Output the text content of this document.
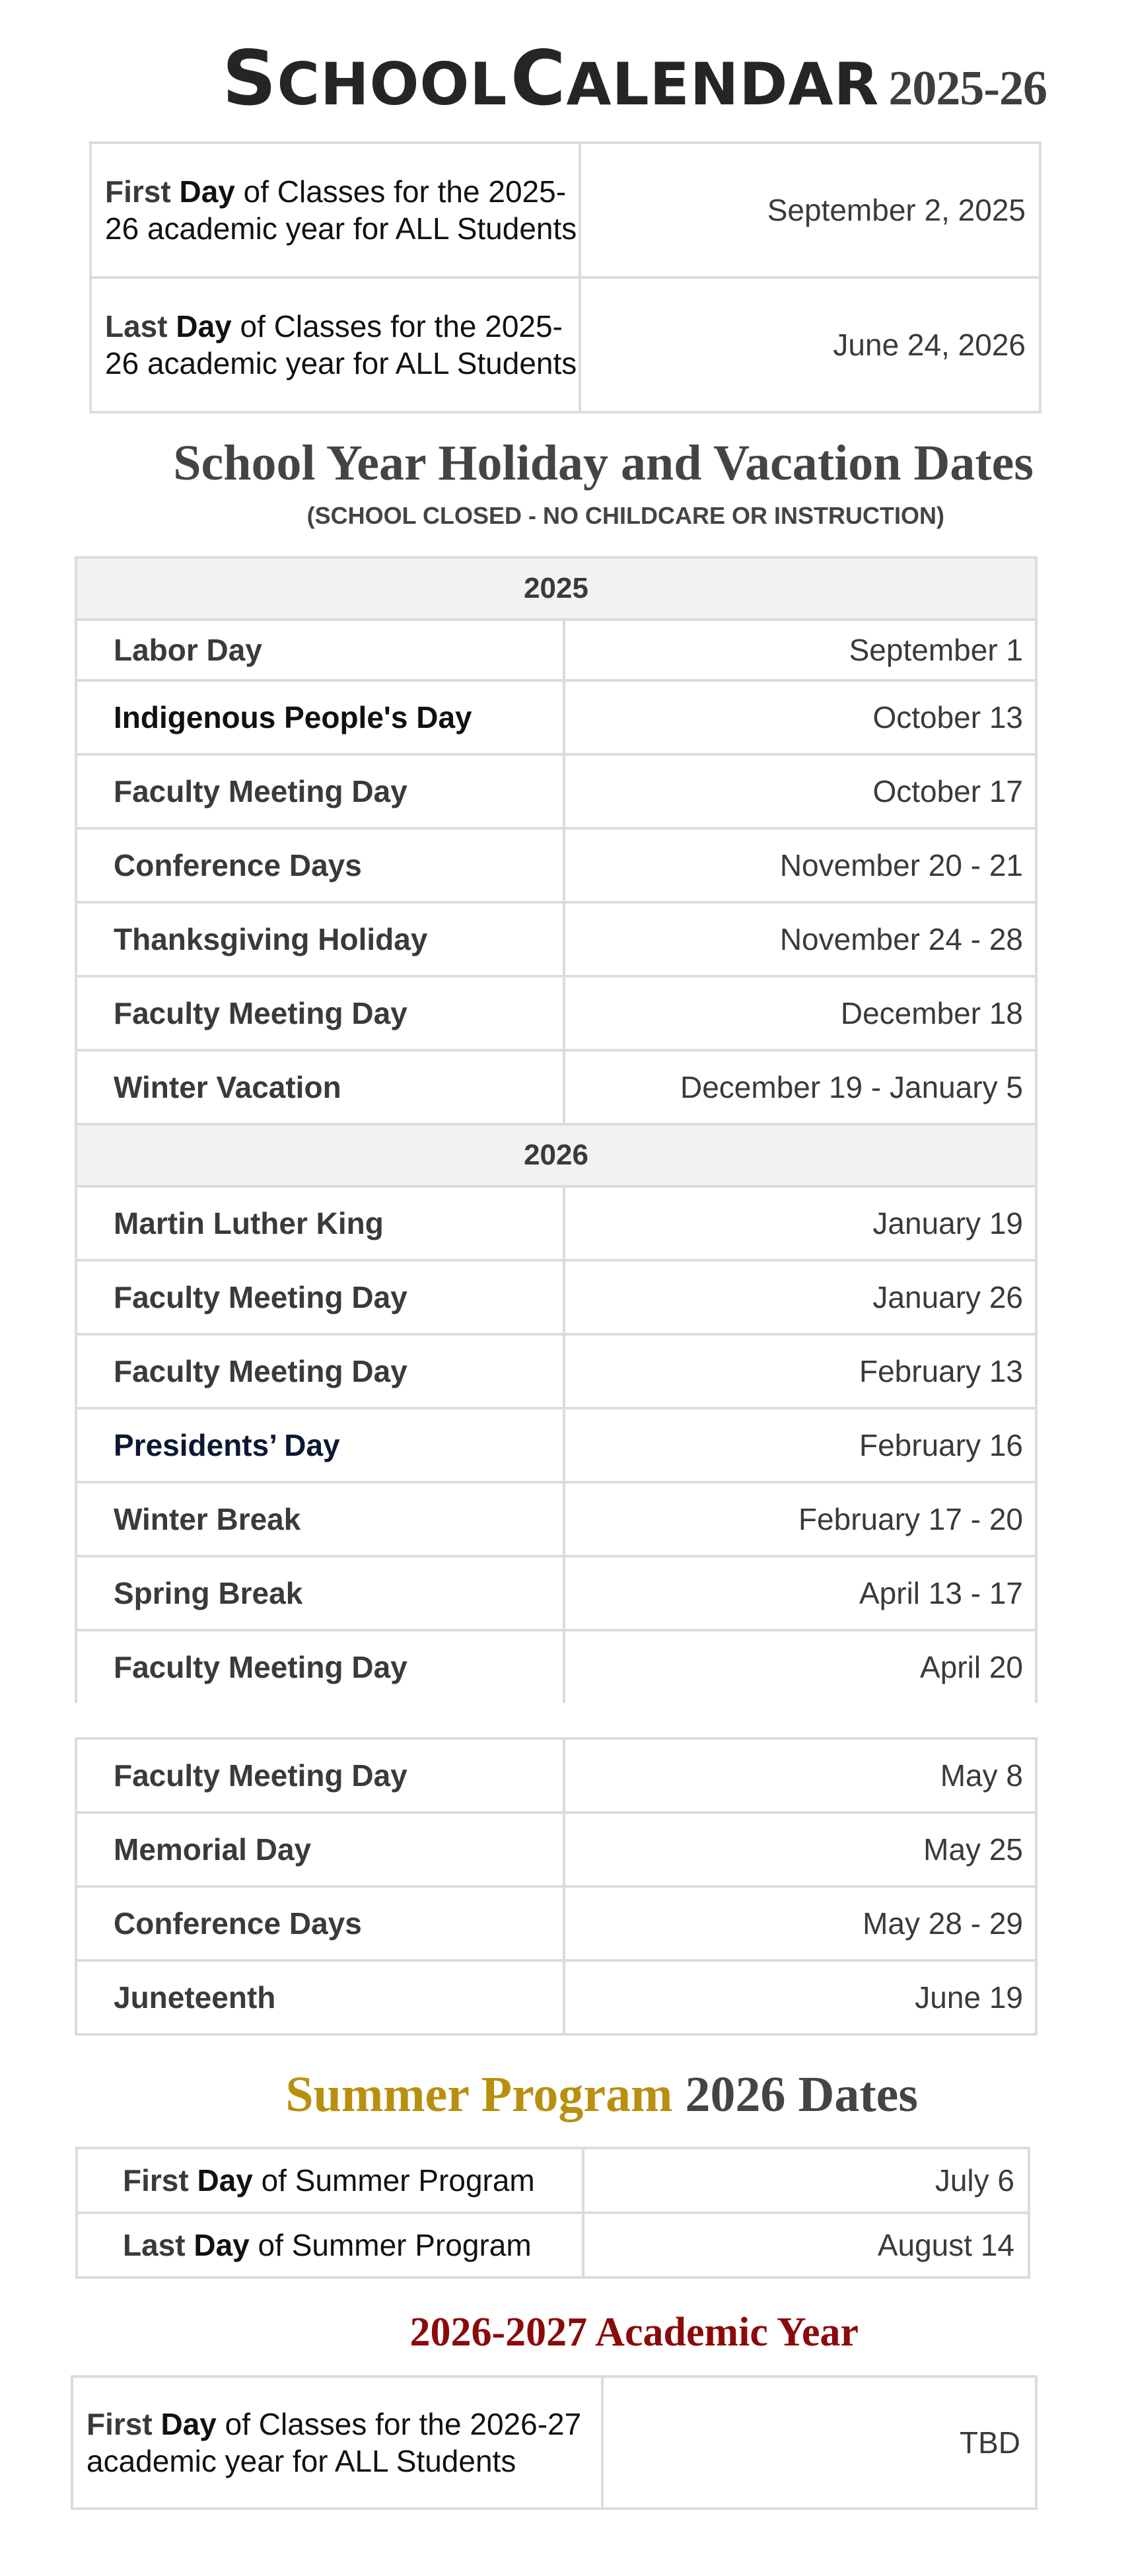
SCHOOL CALENDAR 2025-26
First Day of Classes for the 2025-26 academic year for ALL Students	September 2, 2025
Last Day of Classes for the 2025-26 academic year for ALL Students	June 24, 2026
School Year Holiday and Vacation Dates
(SCHOOL CLOSED - NO CHILDCARE OR INSTRUCTION)
2025	
Labor Day	September 1
Indigenous People's Day	October 13
Faculty Meeting Day	October 17
Conference Days	November 20 - 21
Thanksgiving Holiday	November 24 - 28
Faculty Meeting Day	December 18
Winter Vacation	December 19 - January 5
2026	
Martin Luther King	January 19
Faculty Meeting Day	January 26
Faculty Meeting Day	February 13
Presidents’ Day	February 16
Winter Break	February 17 - 20
Spring Break	April 13 - 17
Faculty Meeting Day	April 20
Faculty Meeting Day	May 8
Memorial Day	May 25
Conference Days	May 28 - 29
Juneteenth	June 19
Summer Program 2026 Dates
First Day of Summer Program	July 6
Last Day of Summer Program	August 14
2026-2027 Academic Year
First Day of Classes for the 2026-27 academic year for ALL Students	TBD
